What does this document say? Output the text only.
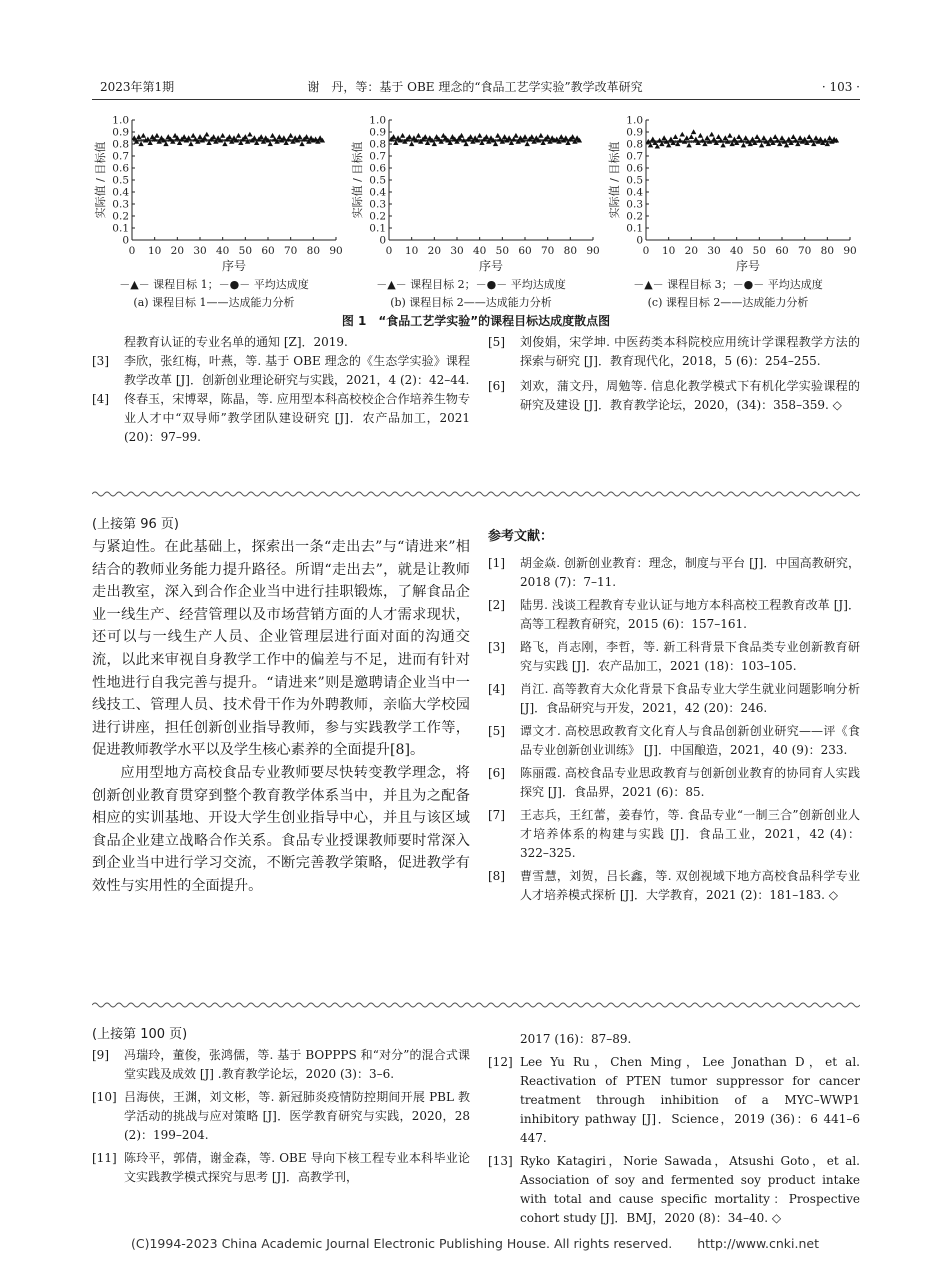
2023年第1期	谢　丹，等：基于 OBE 理念的“食品工艺学实验”教学改革研究	· 103 ·
0
0.1
0.2
0.3
0.4
0.5
0.6
0.7
0.8
0.9
1.0
0 10 20 30 40 50 60 70 80 90
序号
实际值 / 目标值
－▲－ 课程目标 1；－●－ 平均达成度
(a) 课程目标 1——达成能力分析
0
0.1
0.2
0.3
0.4
0.5
0.6
0.7
0.8
0.9
1.0
0 10 20 30 40 50 60 70 80 90
序号
实际值 / 目标值
－▲－ 课程目标 2；－●－ 平均达成度
(b) 课程目标 2——达成能力分析
0
0.1
0.2
0.3
0.4
0.5
0.6
0.7
0.8
0.9
1.0
0 10 20 30 40 50 60 70 80 90
序号
实际值 / 目标值
－▲－ 课程目标 3；－●－ 平均达成度
(c) 课程目标 2——达成能力分析
图 1　“食品工艺学实验”的课程目标达成度散点图
程教育认证的专业名单的通知 [Z]．2019.
[3]	李欣，张红梅，叶燕，等. 基于 OBE 理念的《生态学实验》课程教学改革 [J]．创新创业理论研究与实践，2021，4 (2)：42–44.
[4]	佟春玉，宋博翠，陈晶，等. 应用型本科高校校企合作培养生物专业人才中“双导师”教学团队建设研究 [J]．农产品加工，2021 (20)：97–99.
[5]	刘俊娟，宋学坤. 中医药类本科院校应用统计学课程教学方法的探索与研究 [J]．教育现代化，2018，5 (6)：254–255.
[6]	刘欢，蒲文丹，周勉等. 信息化教学模式下有机化学实验课程的研究及建设 [J]．教育教学论坛，2020，(34)：358–359. ◇
(上接第 96 页)

与紧迫性。在此基础上，探索出一条“走出去”与“请进来”相结合的教师业务能力提升路径。所谓“走出去”，就是让教师走出教室，深入到合作企业当中进行挂职锻炼，了解食品企业一线生产、经营管理以及市场营销方面的人才需求现状，还可以与一线生产人员、企业管理层进行面对面的沟通交流，以此来审视自身教学工作中的偏差与不足，进而有针对性地进行自我完善与提升。“请进来”则是邀聘请企业当中一线技工、管理人员、技术骨干作为外聘教师，亲临大学校园进行讲座，担任创新创业指导教师，参与实践教学工作等，促进教师教学水平以及学生核心素养的全面提升[8]。

应用型地方高校食品专业教师要尽快转变教学理念，将创新创业教育贯穿到整个教育教学体系当中，并且为之配备相应的实训基地、开设大学生创业指导中心，并且与该区域食品企业建立战略合作关系。食品专业授课教师要时常深入到企业当中进行学习交流，不断完善教学策略，促进教学有效性与实用性的全面提升。

参考文献：
[1]	胡金焱. 创新创业教育：理念，制度与平台 [J]．中国高教研究，2018 (7)：7–11.
[2]	陆男. 浅谈工程教育专业认证与地方本科高校工程教育改革 [J]．高等工程教育研究，2015 (6)：157–161.
[3]	路飞，肖志刚，李哲，等. 新工科背景下食品类专业创新教育研究与实践 [J]．农产品加工，2021 (18)：103–105.
[4]	肖江. 高等教育大众化背景下食品专业大学生就业问题影响分析 [J]．食品研究与开发，2021，42 (20)：246.
[5]	谭文才. 高校思政教育文化育人与食品创新创业研究——评《食品专业创新创业训练》 [J]．中国酿造，2021，40 (9)：233.
[6]	陈丽霞. 高校食品专业思政教育与创新创业教育的协同育人实践探究 [J]．食品界，2021 (6)：85.
[7]	王志兵，王红蕾，姜春竹，等. 食品专业“一制三合”创新创业人才培养体系的构建与实践 [J]．食品工业，2021，42 (4)：322–325.
[8]	曹雪慧，刘贺，吕长鑫，等. 双创视域下地方高校食品科学专业人才培养模式探析 [J]．大学教育，2021 (2)：181–183. ◇
(上接第 100 页)
[9]	冯瑞玲，董俊，张鸿儒，等. 基于 BOPPPS 和“对分”的混合式课堂实践及成效 [J] .教育教学论坛，2020 (3)：3–6.
[10] 吕海侠，王渊，刘文彬，等. 新冠肺炎疫情防控期间开展 PBL 教学活动的挑战与应对策略 [J]．医学教育研究与实践，2020，28 (2)：199–204.
[11] 陈玲平，郭倩，谢金森，等. OBE 导向下核工程专业本科毕业论文实践教学模式探究与思考 [J]．高教学刊，
2017 (16)：87–89.
[12] Lee Yu Ru，Chen Ming，Lee Jonathan D，et al. Reactivation of PTEN tumor suppressor for cancer treatment through inhibition of a MYC–WWP1 inhibitory pathway [J]．Science，2019 (36)：6 441–6 447.
[13] Ryko Katagiri，Norie Sawada，Atsushi Goto，et al. Association of soy and fermented soy product intake with total and cause specific mortality：Prospective cohort study [J]．BMJ，2020 (8)：34–40. ◇
(C)1994-2023 China Academic Journal Electronic Publishing House. All rights reserved.　　http://www.cnki.net
